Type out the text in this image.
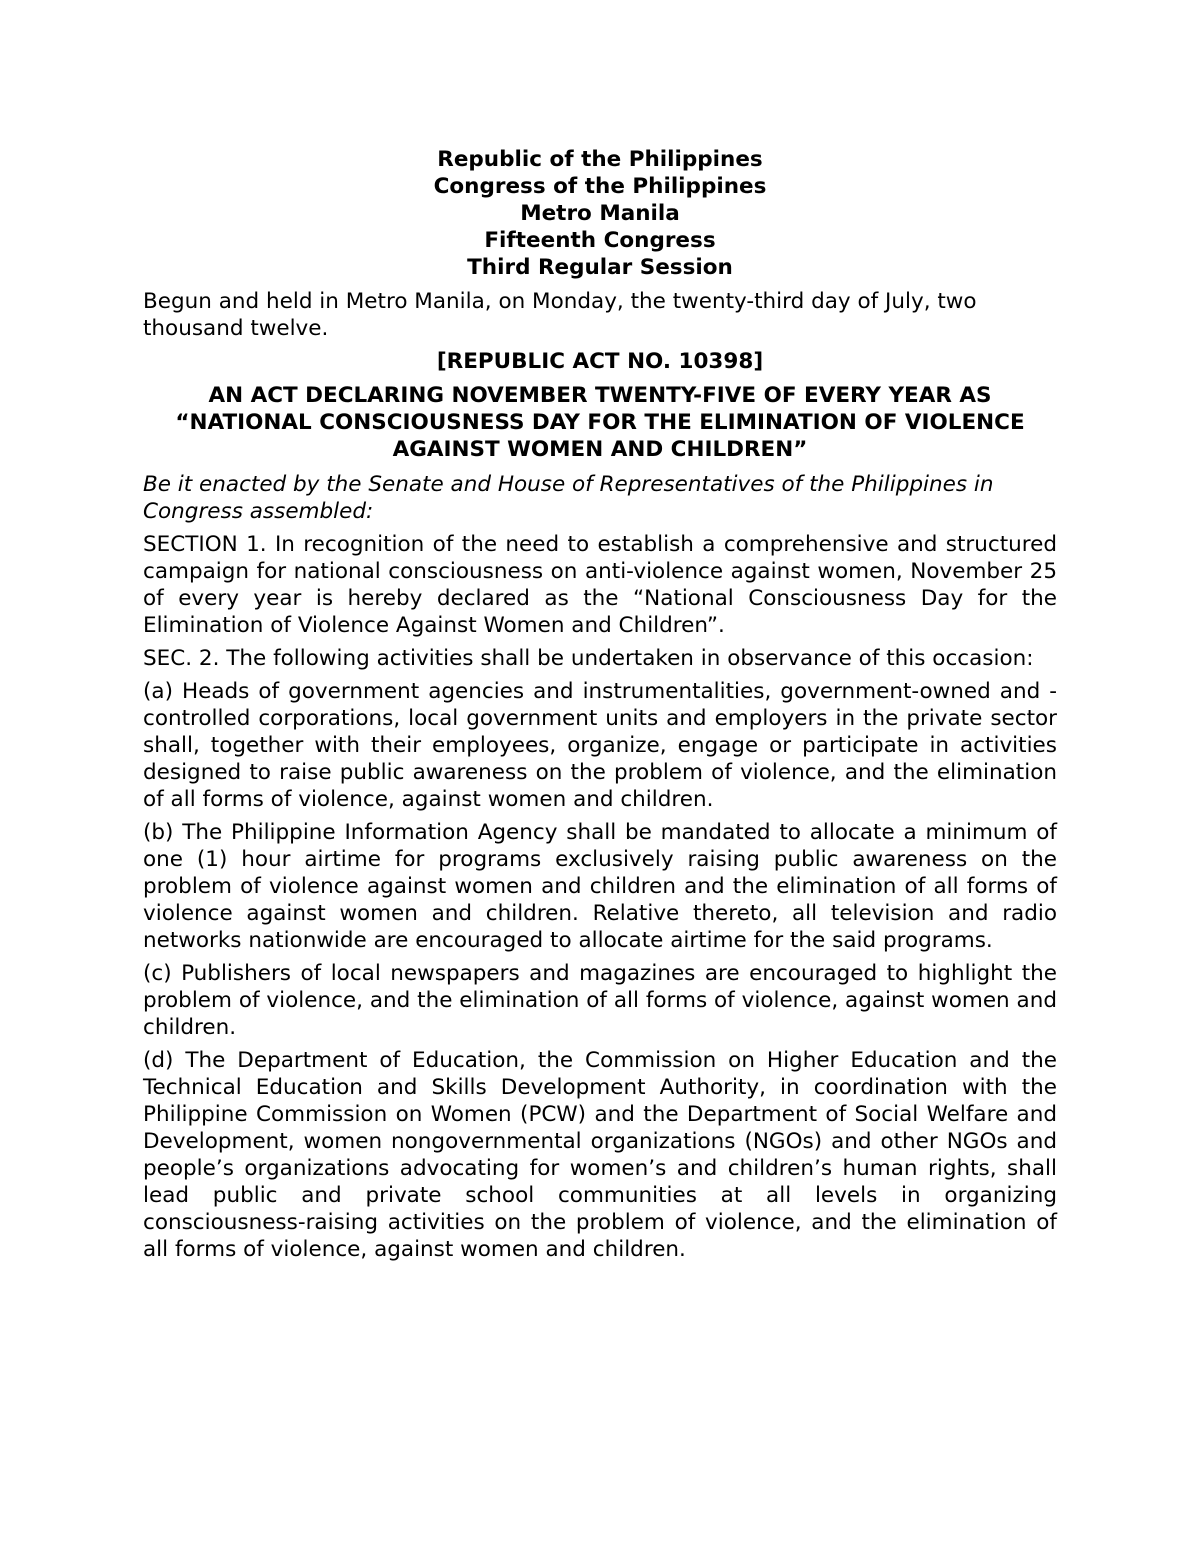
Republic of the Philippines
Congress of the Philippines
Metro Manila
Fifteenth Congress
Third Regular Session

Begun and held in Metro Manila, on Monday, the twenty-third day of July, two thousand twelve.

[REPUBLIC ACT NO. 10398]

AN ACT DECLARING NOVEMBER TWENTY-FIVE OF EVERY YEAR AS “NATIONAL CONSCIOUSNESS DAY FOR THE ELIMINATION OF VIOLENCE AGAINST WOMEN AND CHILDREN”

Be it enacted by the Senate and House of Representatives of the Philippines in Congress assembled:

SECTION 1. In recognition of the need to establish a comprehensive and structured campaign for national consciousness on anti-violence against women, November 25 of every year is hereby declared as the “National Consciousness Day for the Elimination of Violence Against Women and Children”.

SEC. 2. The following activities shall be undertaken in observance of this occasion:

(a) Heads of government agencies and instrumentalities, government-owned and -controlled corporations, local government units and employers in the private sector shall, together with their employees, organize, engage or participate in activities designed to raise public awareness on the problem of violence, and the elimination of all forms of violence, against women and children.

(b) The Philippine Information Agency shall be mandated to allocate a minimum of one (1) hour airtime for programs exclusively raising public awareness on the problem of violence against women and children and the elimination of all forms of violence against women and children. Relative thereto, all television and radio networks nationwide are encouraged to allocate airtime for the said programs.

(c) Publishers of local newspapers and magazines are encouraged to highlight the problem of violence, and the elimination of all forms of violence, against women and children.

(d) The Department of Education, the Commission on Higher Education and the Technical Education and Skills Development Authority, in coordination with the Philippine Commission on Women (PCW) and the Department of Social Welfare and Development, women nongovernmental organizations (NGOs) and other NGOs and people’s organizations advocating for women’s and children’s human rights, shall lead public and private school communities at all levels in organizing consciousness-raising activities on the problem of violence, and the elimination of all forms of violence, against women and children.
